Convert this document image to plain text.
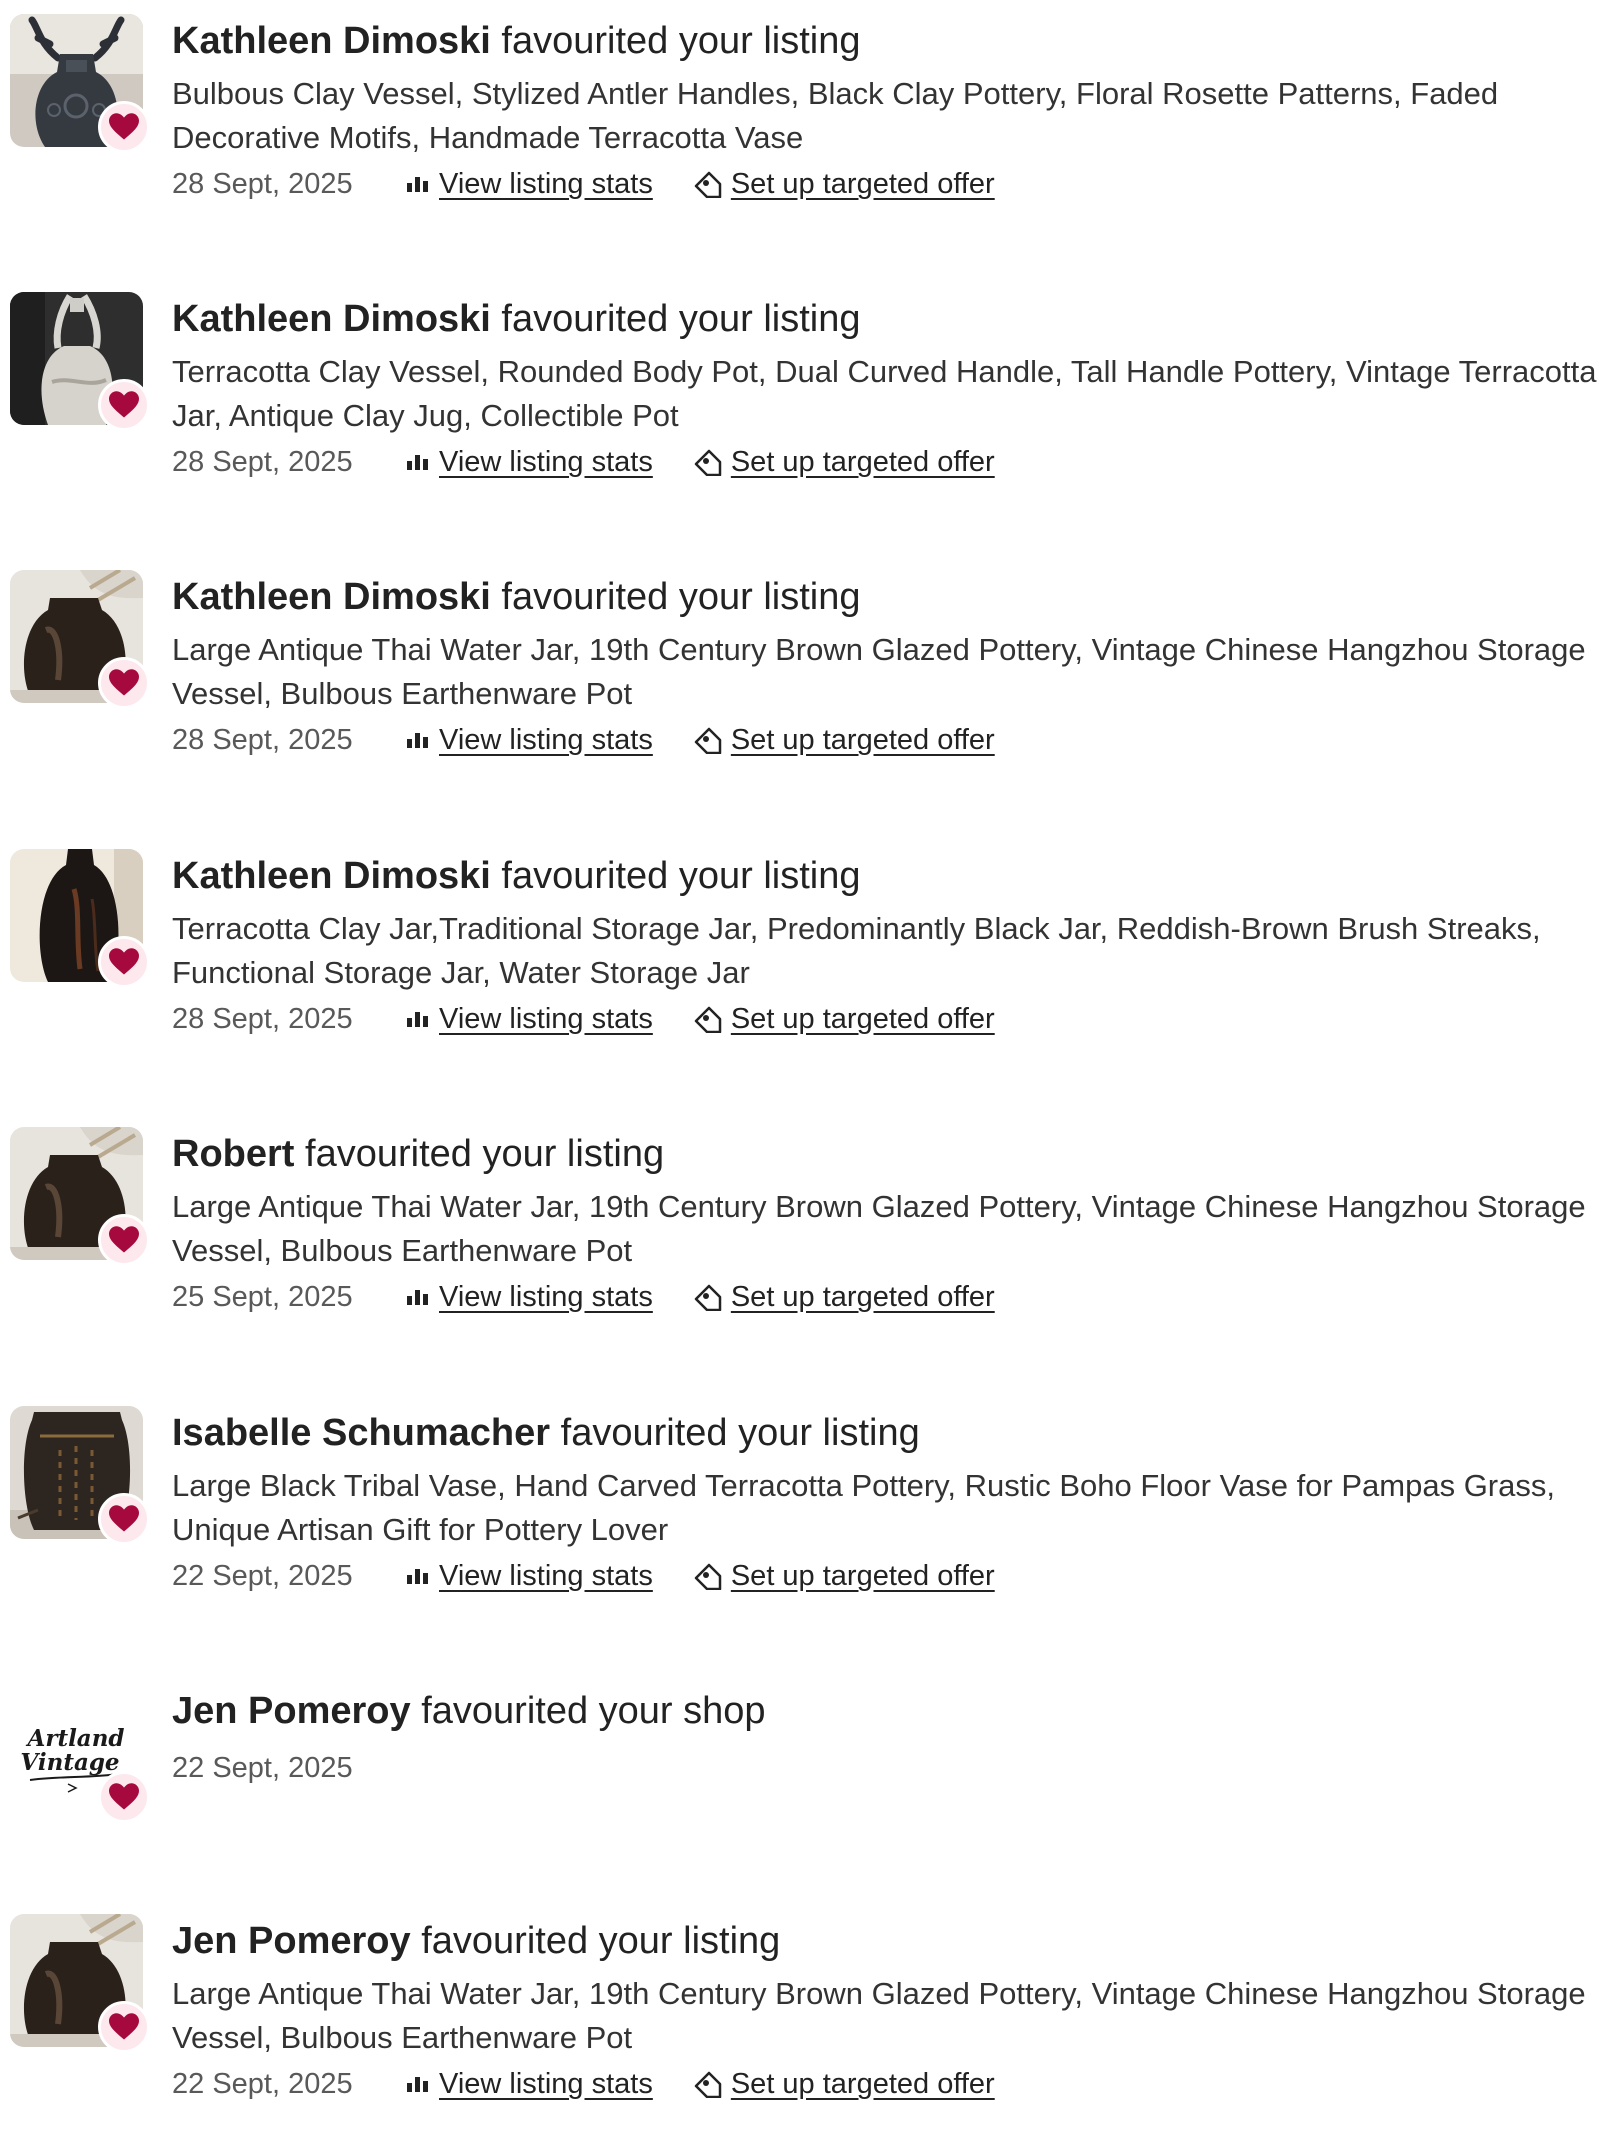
Kathleen Dimoski favourited your listing
Bulbous Clay Vessel, Stylized Antler Handles, Black Clay Pottery, Floral Rosette Patterns, Faded Decorative Motifs, Handmade Terracotta Vase
28 Sept, 2025	View listing stats	Set up targeted offer
Kathleen Dimoski favourited your listing
Terracotta Clay Vessel, Rounded Body Pot, Dual Curved Handle, Tall Handle Pottery, Vintage Terracotta Jar, Antique Clay Jug, Collectible Pot
28 Sept, 2025	View listing stats	Set up targeted offer
Kathleen Dimoski favourited your listing
Large Antique Thai Water Jar, 19th Century Brown Glazed Pottery, Vintage Chinese Hangzhou Storage Vessel, Bulbous Earthenware Pot
28 Sept, 2025	View listing stats	Set up targeted offer
Kathleen Dimoski favourited your listing
Terracotta Clay Jar,Traditional Storage Jar, Predominantly Black Jar, Reddish-Brown Brush Streaks, Functional Storage Jar, Water Storage Jar
28 Sept, 2025	View listing stats	Set up targeted offer
Robert favourited your listing
Large Antique Thai Water Jar, 19th Century Brown Glazed Pottery, Vintage Chinese Hangzhou Storage Vessel, Bulbous Earthenware Pot
25 Sept, 2025	View listing stats	Set up targeted offer
Isabelle Schumacher favourited your listing
Large Black Tribal Vase, Hand Carved Terracotta Pottery, Rustic Boho Floor Vase for Pampas Grass, Unique Artisan Gift for Pottery Lover
22 Sept, 2025	View listing stats	Set up targeted offer
Artland
Vintage
Jen Pomeroy favourited your shop
22 Sept, 2025
Jen Pomeroy favourited your listing
Large Antique Thai Water Jar, 19th Century Brown Glazed Pottery, Vintage Chinese Hangzhou Storage Vessel, Bulbous Earthenware Pot
22 Sept, 2025	View listing stats	Set up targeted offer
